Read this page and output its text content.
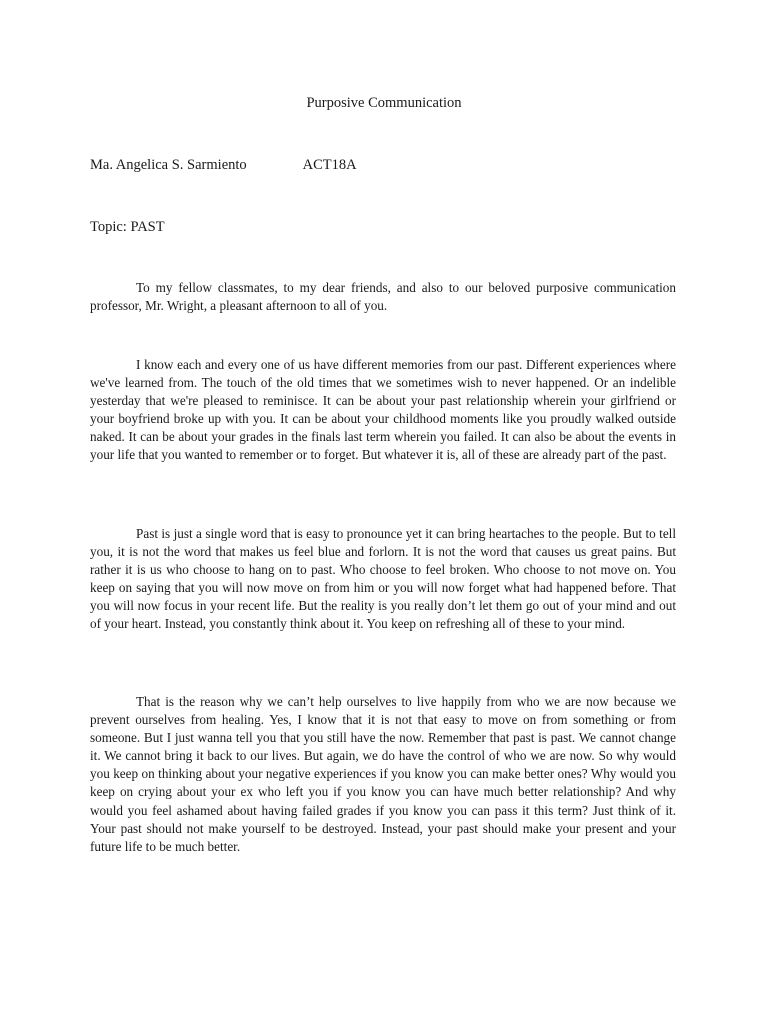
Purposive Communication
Ma. Angelica S. Sarmiento	ACT18A
Topic: PAST

To my fellow classmates, to my dear friends, and also to our beloved purposive communication professor, Mr. Wright, a pleasant afternoon to all of you.

I know each and every one of us have different memories from our past. Different experiences where we've learned from. The touch of the old times that we sometimes wish to never happened. Or an indelible yesterday that we're pleased to reminisce. It can be about your past relationship wherein your girlfriend or your boyfriend broke up with you. It can be about your childhood moments like you proudly walked outside naked. It can be about your grades in the finals last term wherein you failed. It can also be about the events in your life that you wanted to remember or to forget. But whatever it is, all of these are already part of the past.

Past is just a single word that is easy to pronounce yet it can bring heartaches to the people. But to tell you, it is not the word that makes us feel blue and forlorn. It is not the word that causes us great pains. But rather it is us who choose to hang on to past. Who choose to feel broken. Who choose to not move on. You keep on saying that you will now move on from him or you will now forget what had happened before. That you will now focus in your recent life. But the reality is you really don’t let them go out of your mind and out of your heart. Instead, you constantly think about it. You keep on refreshing all of these to your mind.

That is the reason why we can’t help ourselves to live happily from who we are now because we prevent ourselves from healing. Yes, I know that it is not that easy to move on from something or from someone. But I just wanna tell you that you still have the now. Remember that past is past. We cannot change it. We cannot bring it back to our lives. But again, we do have the control of who we are now. So why would you keep on thinking about your negative experiences if you know you can make better ones? Why would you keep on crying about your ex who left you if you know you can have much better relationship? And why would you feel ashamed about having failed grades if you know you can pass it this term? Just think of it. Your past should not make yourself to be destroyed. Instead, your past should make your present and your future life to be much better.
